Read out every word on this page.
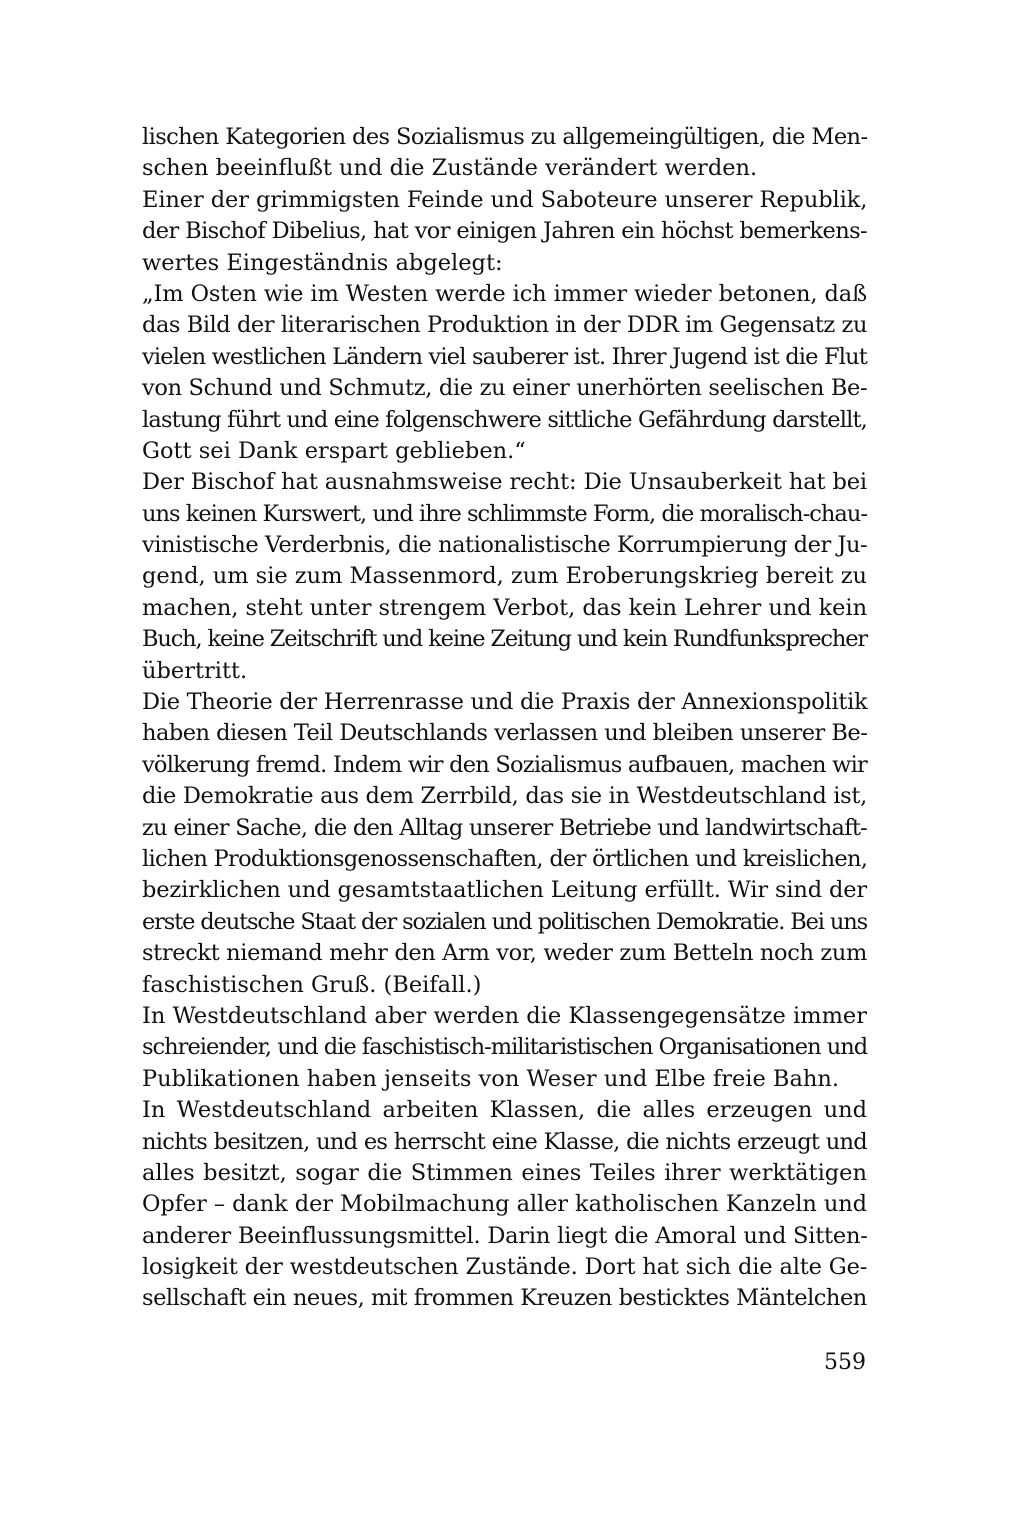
lischen Kategorien des Sozialismus zu allgemeingültigen, die Men-
schen beeinflußt und die Zustände verändert werden.
Einer der grimmigsten Feinde und Saboteure unserer Republik,
der Bischof Dibelius, hat vor einigen Jahren ein höchst bemerkens-
wertes Eingeständnis abgelegt:
„Im Osten wie im Westen werde ich immer wieder betonen, daß
das Bild der literarischen Produktion in der DDR im Gegensatz zu
vielen westlichen Ländern viel sauberer ist. Ihrer Jugend ist die Flut
von Schund und Schmutz, die zu einer unerhörten seelischen Be-
lastung führt und eine folgenschwere sittliche Gefährdung darstellt,
Gott sei Dank erspart geblieben.“
Der Bischof hat ausnahmsweise recht: Die Unsauberkeit hat bei
uns keinen Kurswert, und ihre schlimmste Form, die moralisch-chau-
vinistische Verderbnis, die nationalistische Korrumpierung der Ju-
gend, um sie zum Massenmord, zum Eroberungskrieg bereit zu
machen, steht unter strengem Verbot, das kein Lehrer und kein
Buch, keine Zeitschrift und keine Zeitung und kein Rundfunksprecher
übertritt.
Die Theorie der Herrenrasse und die Praxis der Annexionspolitik
haben diesen Teil Deutschlands verlassen und bleiben unserer Be-
völkerung fremd. Indem wir den Sozialismus aufbauen, machen wir
die Demokratie aus dem Zerrbild, das sie in Westdeutschland ist,
zu einer Sache, die den Alltag unserer Betriebe und landwirtschaft-
lichen Produktionsgenossenschaften, der örtlichen und kreislichen,
bezirklichen und gesamtstaatlichen Leitung erfüllt. Wir sind der
erste deutsche Staat der sozialen und politischen Demokratie. Bei uns
streckt niemand mehr den Arm vor, weder zum Betteln noch zum
faschistischen Gruß. (Beifall.)
In Westdeutschland aber werden die Klassengegensätze immer
schreiender, und die faschistisch-militaristischen Organisationen und
Publikationen haben jenseits von Weser und Elbe freie Bahn.
In Westdeutschland arbeiten Klassen, die alles erzeugen und
nichts besitzen, und es herrscht eine Klasse, die nichts erzeugt und
alles besitzt, sogar die Stimmen eines Teiles ihrer werktätigen
Opfer – dank der Mobilmachung aller katholischen Kanzeln und
anderer Beeinflussungsmittel. Darin liegt die Amoral und Sitten-
losigkeit der westdeutschen Zustände. Dort hat sich die alte Ge-
sellschaft ein neues, mit frommen Kreuzen besticktes Mäntelchen
559
